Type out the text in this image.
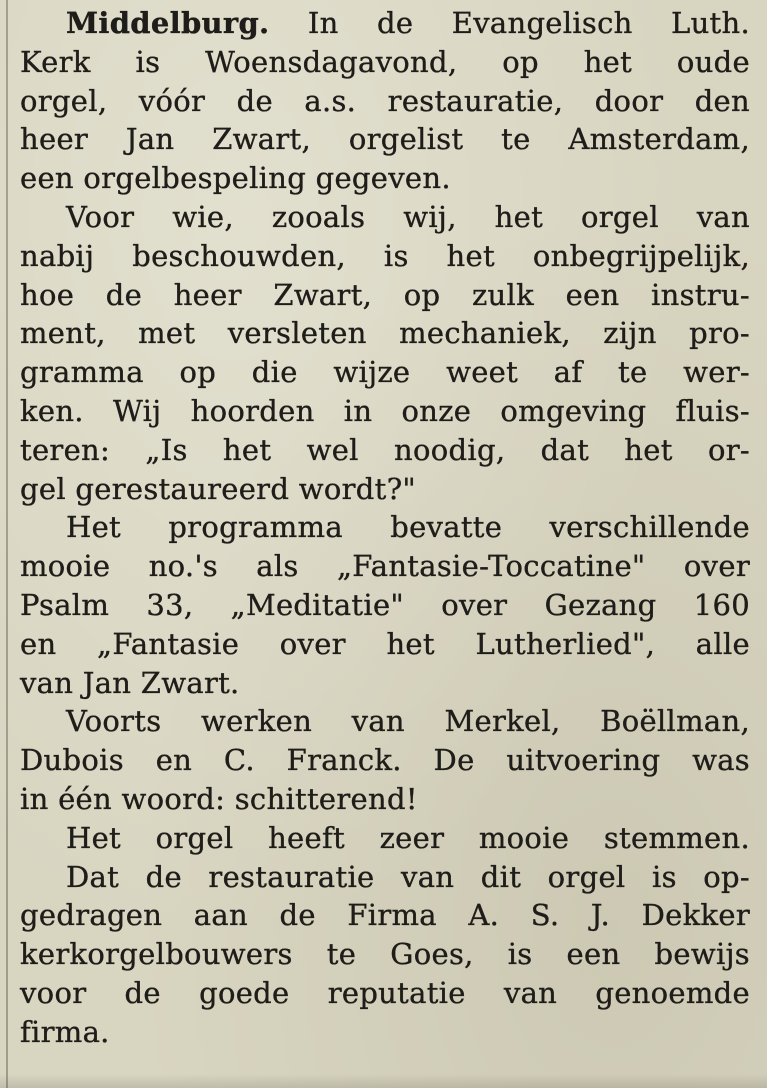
Middelburg. In de Evangelisch Luth.
Kerk is Woensdagavond, op het oude
orgel, vóór de a.s. restauratie, door den
heer Jan Zwart, orgelist te Amsterdam,
een orgelbespeling gegeven.
Voor wie, zooals wij, het orgel van
nabij beschouwden, is het onbegrijpelijk,
hoe de heer Zwart, op zulk een instru-
ment, met versleten mechaniek, zijn pro-
gramma op die wijze weet af te wer-
ken. Wij hoorden in onze omgeving fluis-
teren: „Is het wel noodig, dat het or-
gel gerestaureerd wordt?"
Het programma bevatte verschillende
mooie no.'s als „Fantasie-Toccatine" over
Psalm 33, „Meditatie" over Gezang 160
en „Fantasie over het Lutherlied", alle
van Jan Zwart.
Voorts werken van Merkel, Boëllman,
Dubois en C. Franck. De uitvoering was
in één woord: schitterend!
Het orgel heeft zeer mooie stemmen.
Dat de restauratie van dit orgel is op-
gedragen aan de Firma A. S. J. Dekker
kerkorgelbouwers te Goes, is een bewijs
voor de goede reputatie van genoemde
firma.
